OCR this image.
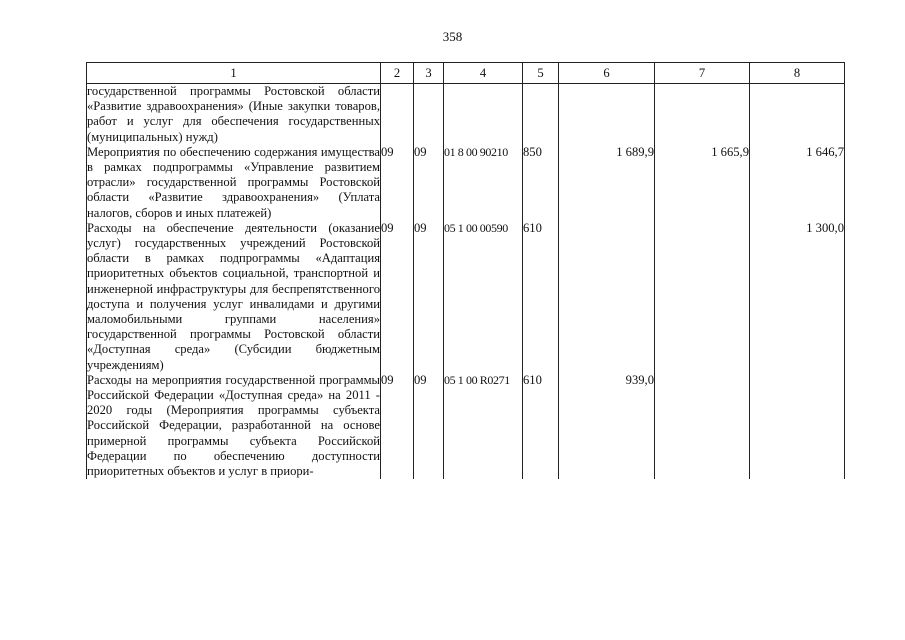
358
1	2	3	4	5	6	7	8
государственной программы Ростовской области «Развитие здравоохранения» (Иные закупки товаров, работ и услуг для обеспечения государственных (муниципальных) нужд)							
Мероприятия по обеспечению содержания имущества в рамках подпрограммы «Управление развитием отрасли» государственной программы Ростовской области «Развитие здравоохранения» (Уплата налогов, сборов и иных платежей)	09	09	01 8 00 90210	850	1 689,9	1 665,9	1 646,7
Расходы на обеспечение деятельности (оказание услуг) государственных учреждений Ростовской области в рамках подпрограммы «Адаптация приоритетных объектов социальной, транспортной и инженерной инфраструктуры для беспрепятственного доступа и получения услуг инвалидами и другими маломобильными группами населения» государственной программы Ростовской области «Доступная среда» (Субсидии бюджетным учреждениям)	09	09	05 1 00 00590	610			1 300,0
Расходы на мероприятия государственной программы Российской Федерации «Доступная среда» на 2011 - 2020 годы (Мероприятия программы субъекта Российской Федерации, разработанной на основе примерной программы субъекта Российской Федерации по обеспечению доступности приоритетных объектов и услуг в приори-	09	09	05 1 00 R0271	610	939,0		
